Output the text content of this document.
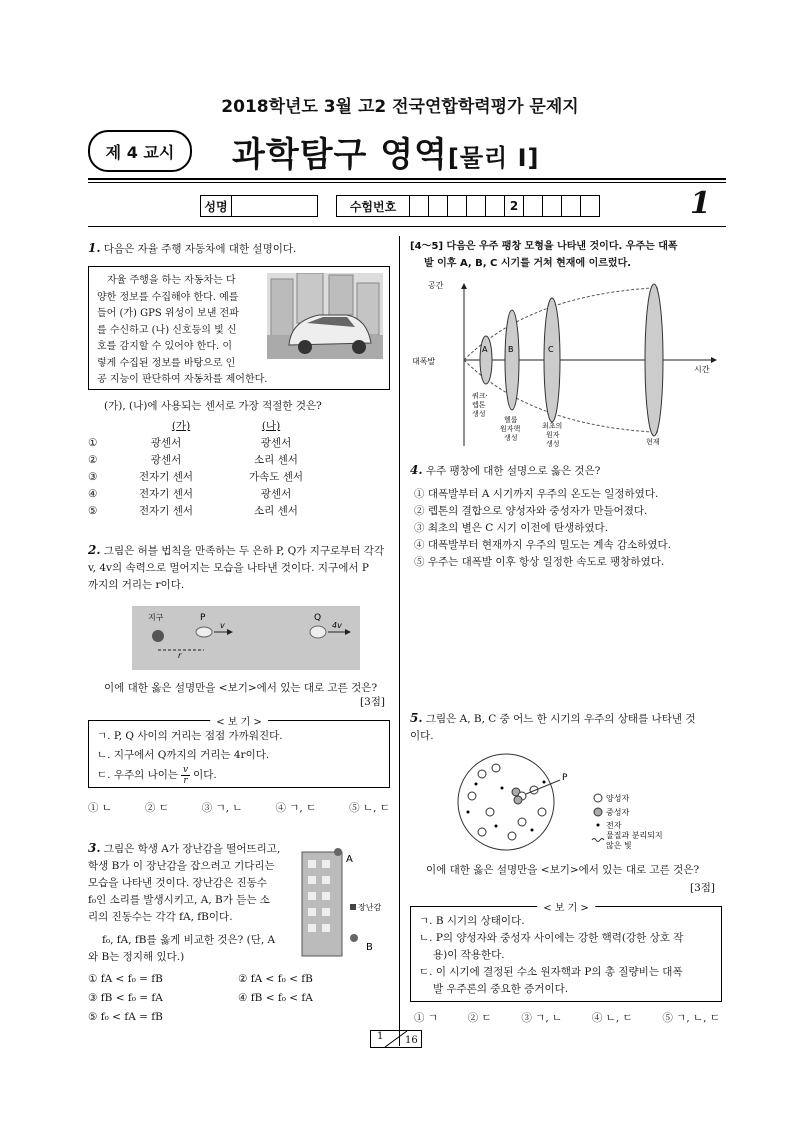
2018학년도 3월 고2 전국연합학력평가 문제지
제 4 교시	과학탐구 영역[물리 Ⅰ]
성명	수험번호	2	1
1. 다음은 자율 주행 자동차에 대한 설명이다.
자율 주행을 하는 자동차는 다
양한 정보를 수집해야 한다. 예를
들어 (가) GPS 위성이 보낸 전파
를 수신하고 (나) 신호등의 빛 신
호를 감지할 수 있어야 한다. 이
렇게 수집된 정보를 바탕으로 인
공 지능이 판단하여 자동차를 제어한다.
(가), (나)에 사용되는 센서로 가장 적절한 것은?
(가)	(나)
①	광센서	광센서
②	광센서	소리 센서
③	전자기 센서	가속도 센서
④	전자기 센서	광센서
⑤	전자기 센서	소리 센서
2. 그림은 허블 법칙을 만족하는 두 은하 P, Q가 지구로부터 각각
v, 4v의 속력으로 멀어지는 모습을 나타낸 것이다. 지구에서 P
까지의 거리는 r이다.
지구	P
v
Q
4v
r
이에 대한 옳은 설명만을 <보기>에서 있는 대로 고른 것은?
[3점]
< 보 기 >
ㄱ. P, Q 사이의 거리는 점점 가까워진다.
ㄴ. 지구에서 Q까지의 거리는 4r이다.
ㄷ. 우주의 나이는 $\frac{v}{r}$ 이다.
① ㄴ	② ㄷ	③ ㄱ, ㄴ	④ ㄱ, ㄷ	⑤ ㄴ, ㄷ
3. 그림은 학생 A가 장난감을 떨어뜨리고,
학생 B가 이 장난감을 잡으려고 기다리는
모습을 나타낸 것이다. 장난감은 진동수
f₀인 소리를 발생시키고, A, B가 듣는 소
리의 진동수는 각각 fA, fB이다.
f₀, fA, fB를 옳게 비교한 것은? (단, A
와 B는 정지해 있다.)
A
장난감
B
① fA < f₀ = fB	② fA < f₀ < fB
③ fB < f₀ = fA	④ fB < f₀ < fA
⑤ f₀ < fA = fB
[4～5] 다음은 우주 팽창 모형을 나타낸 것이다. 우주는 대폭
발 이후 A, B, C 시기를 거쳐 현재에 이르렀다.
공간
시간
대폭발
A	B	C
쿼크·
렙톤
생성
헬륨
원자핵
생성
최초의
원자
생성	현재
4. 우주 팽창에 대한 설명으로 옳은 것은?
① 대폭발부터 A 시기까지 우주의 온도는 일정하였다.
② 렙톤의 결합으로 양성자와 중성자가 만들어졌다.
③ 최초의 별은 C 시기 이전에 탄생하였다.
④ 대폭발부터 현재까지 우주의 밀도는 계속 감소하였다.
⑤ 우주는 대폭발 이후 항상 일정한 속도로 팽창하였다.
5. 그림은 A, B, C 중 어느 한 시기의 우주의 상태를 나타낸 것
이다.
P
양성자
중성자
전자
물질과 분리되지
않은 빛
이에 대한 옳은 설명만을 <보기>에서 있는 대로 고른 것은?
[3점]
< 보 기 >
ㄱ. B 시기의 상태이다.
ㄴ. P의 양성자와 중성자 사이에는 강한 핵력(강한 상호 작
용)이 작용한다.
ㄷ. 이 시기에 결정된 수소 원자핵과 P의 총 질량비는 대폭
발 우주론의 중요한 증거이다.
① ㄱ	② ㄷ	③ ㄱ, ㄴ	④ ㄴ, ㄷ	⑤ ㄱ, ㄴ, ㄷ
1 16
